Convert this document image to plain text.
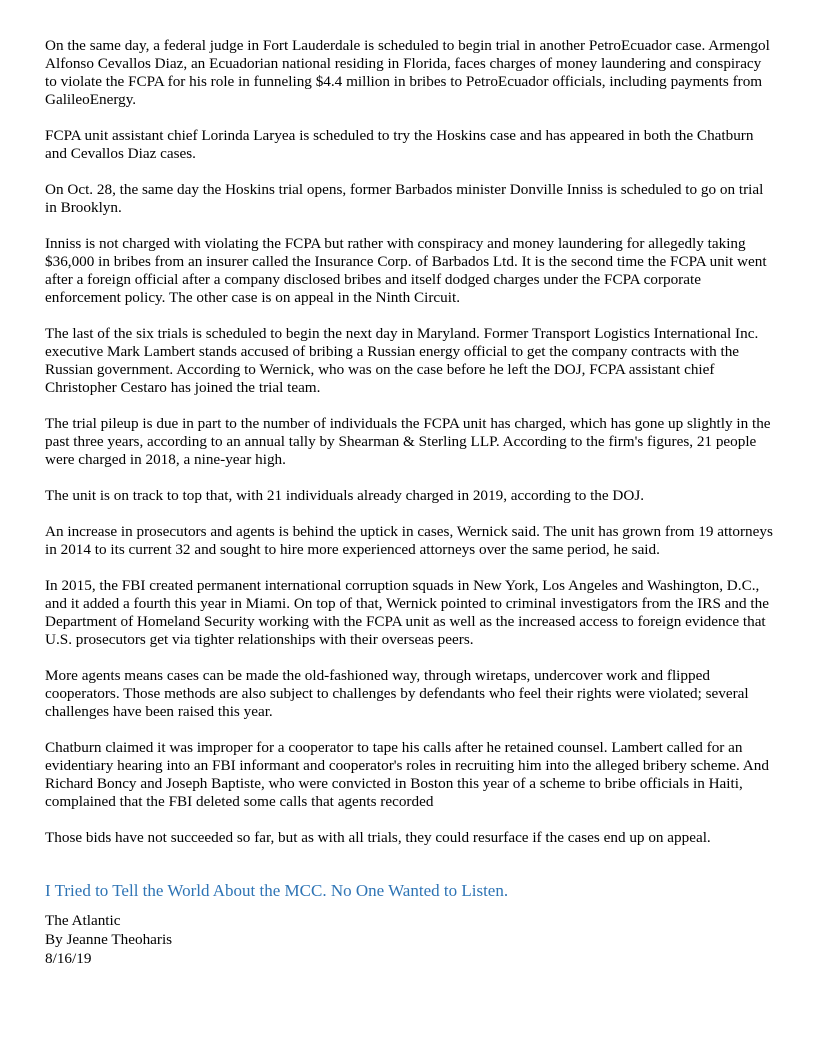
On the same day, a federal judge in Fort Lauderdale is scheduled to begin trial in another PetroEcuador case. Armengol Alfonso Cevallos Diaz, an Ecuadorian national residing in Florida, faces charges of money laundering and conspiracy to violate the FCPA for his role in funneling $4.4 million in bribes to PetroEcuador officials, including payments from GalileoEnergy.

FCPA unit assistant chief Lorinda Laryea is scheduled to try the Hoskins case and has appeared in both the Chatburn and Cevallos Diaz cases.

On Oct. 28, the same day the Hoskins trial opens, former Barbados minister Donville Inniss is scheduled to go on trial in Brooklyn.

Inniss is not charged with violating the FCPA but rather with conspiracy and money laundering for allegedly taking $36,000 in bribes from an insurer called the Insurance Corp. of Barbados Ltd. It is the second time the FCPA unit went after a foreign official after a company disclosed bribes and itself dodged charges under the FCPA corporate enforcement policy. The other case is on appeal in the Ninth Circuit.

The last of the six trials is scheduled to begin the next day in Maryland. Former Transport Logistics International Inc. executive Mark Lambert stands accused of bribing a Russian energy official to get the company contracts with the Russian government. According to Wernick, who was on the case before he left the DOJ, FCPA assistant chief Christopher Cestaro has joined the trial team.

The trial pileup is due in part to the number of individuals the FCPA unit has charged, which has gone up slightly in the past three years, according to an annual tally by Shearman & Sterling LLP. According to the firm's figures, 21 people were charged in 2018, a nine-year high.

The unit is on track to top that, with 21 individuals already charged in 2019, according to the DOJ.

An increase in prosecutors and agents is behind the uptick in cases, Wernick said. The unit has grown from 19 attorneys in 2014 to its current 32 and sought to hire more experienced attorneys over the same period, he said.

In 2015, the FBI created permanent international corruption squads in New York, Los Angeles and Washington, D.C., and it added a fourth this year in Miami. On top of that, Wernick pointed to criminal investigators from the IRS and the Department of Homeland Security working with the FCPA unit as well as the increased access to foreign evidence that U.S. prosecutors get via tighter relationships with their overseas peers.

More agents means cases can be made the old-fashioned way, through wiretaps, undercover work and flipped cooperators. Those methods are also subject to challenges by defendants who feel their rights were violated; several challenges have been raised this year.

Chatburn claimed it was improper for a cooperator to tape his calls after he retained counsel. Lambert called for an evidentiary hearing into an FBI informant and cooperator's roles in recruiting him into the alleged bribery scheme. And Richard Boncy and Joseph Baptiste, who were convicted in Boston this year of a scheme to bribe officials in Haiti, complained that the FBI deleted some calls that agents recorded

Those bids have not succeeded so far, but as with all trials, they could resurface if the cases end up on appeal.

I Tried to Tell the World About the MCC. No One Wanted to Listen.

The Atlantic

By Jeanne Theoharis

8/16/19
